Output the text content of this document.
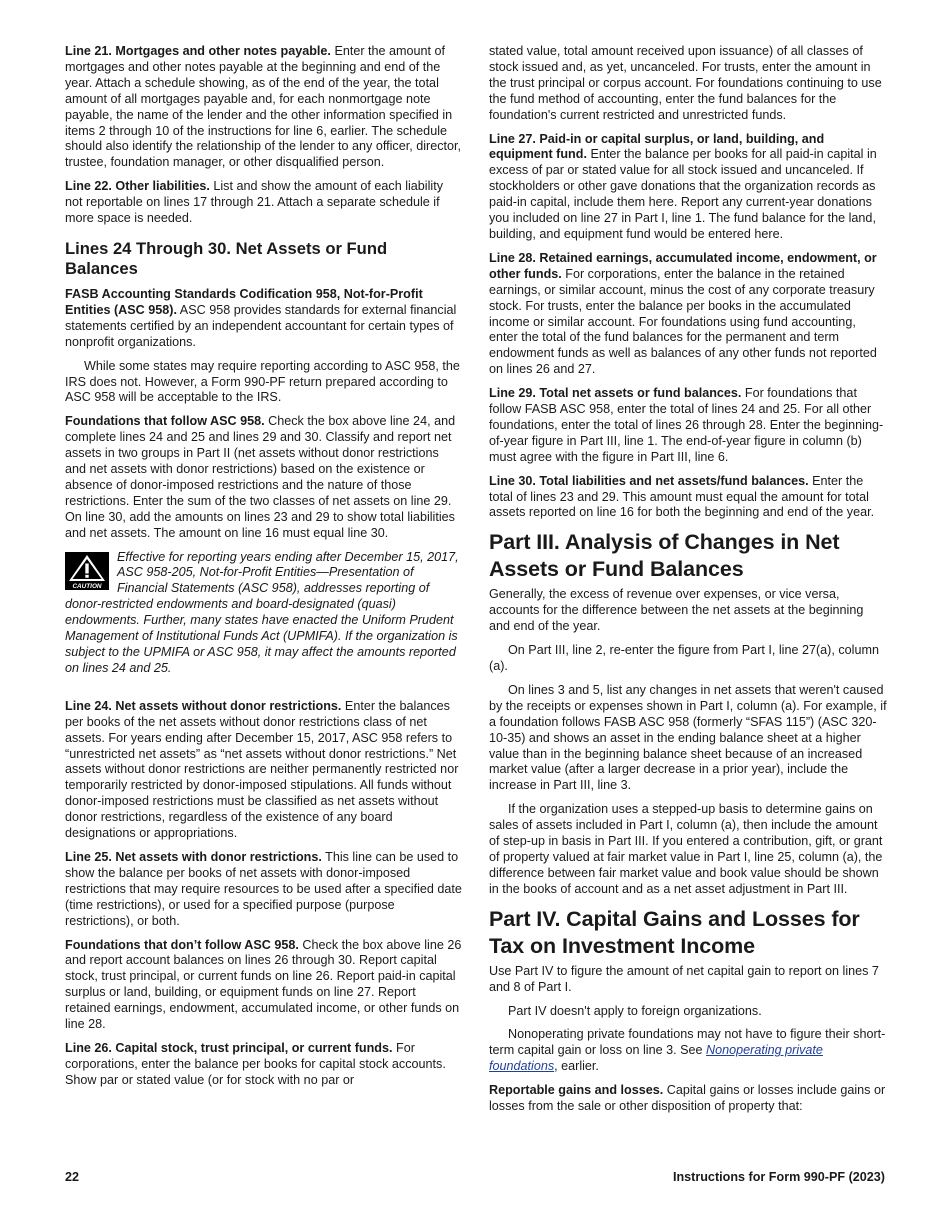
Line 21. Mortgages and other notes payable. Enter the amount of mortgages and other notes payable at the beginning and end of the year. Attach a schedule showing, as of the end of the year, the total amount of all mortgages payable and, for each nonmortgage note payable, the name of the lender and the other information specified in items 2 through 10 of the instructions for line 6, earlier. The schedule should also identify the relationship of the lender to any officer, director, trustee, foundation manager, or other disqualified person.

Line 22. Other liabilities. List and show the amount of each liability not reportable on lines 17 through 21. Attach a separate schedule if more space is needed.

Lines 24 Through 30. Net Assets or Fund Balances

FASB Accounting Standards Codification 958, Not-for-Profit Entities (ASC 958). ASC 958 provides standards for external financial statements certified by an independent accountant for certain types of nonprofit organizations.

While some states may require reporting according to ASC 958, the IRS does not. However, a Form 990-PF return prepared according to ASC 958 will be acceptable to the IRS.

Foundations that follow ASC 958. Check the box above line 24, and complete lines 24 and 25 and lines 29 and 30. Classify and report net assets in two groups in Part II (net assets without donor restrictions and net assets with donor restrictions) based on the existence or absence of donor-imposed restrictions and the nature of those restrictions. Enter the sum of the two classes of net assets on line 29. On line 30, add the amounts on lines 23 and 29 to show total liabilities and net assets. The amount on line 16 must equal line 30.

CAUTION
Effective for reporting years ending after December 15, 2017, ASC 958-205, Not-for-Profit Entities—Presentation of Financial Statements (ASC 958), addresses reporting of donor-restricted endowments and board-designated (quasi) endowments. Further, many states have enacted the Uniform Prudent Management of Institutional Funds Act (UPMIFA). If the organization is subject to the UPMIFA or ASC 958, it may affect the amounts reported on lines 24 and 25.

Line 24. Net assets without donor restrictions. Enter the balances per books of the net assets without donor restrictions class of net assets. For years ending after December 15, 2017, ASC 958 refers to “unrestricted net assets” as “net assets without donor restrictions.” Net assets without donor restrictions are neither permanently restricted nor temporarily restricted by donor-imposed stipulations. All funds without donor-imposed restrictions must be classified as net assets without donor restrictions, regardless of the existence of any board designations or appropriations.

Line 25. Net assets with donor restrictions. This line can be used to show the balance per books of net assets with donor-imposed restrictions that may require resources to be used after a specified date (time restrictions), or used for a specified purpose (purpose restrictions), or both.

Foundations that don’t follow ASC 958. Check the box above line 26 and report account balances on lines 26 through 30. Report capital stock, trust principal, or current funds on line 26. Report paid-in capital surplus or land, building, or equipment funds on line 27. Report retained earnings, endowment, accumulated income, or other funds on line 28.

Line 26. Capital stock, trust principal, or current funds. For corporations, enter the balance per books for capital stock accounts. Show par or stated value (or for stock with no par or

stated value, total amount received upon issuance) of all classes of stock issued and, as yet, uncanceled. For trusts, enter the amount in the trust principal or corpus account. For foundations continuing to use the fund method of accounting, enter the fund balances for the foundation's current restricted and unrestricted funds.

Line 27. Paid-in or capital surplus, or land, building, and equipment fund. Enter the balance per books for all paid-in capital in excess of par or stated value for all stock issued and uncanceled. If stockholders or other gave donations that the organization records as paid-in capital, include them here. Report any current-year donations you included on line 27 in Part I, line 1. The fund balance for the land, building, and equipment fund would be entered here.

Line 28. Retained earnings, accumulated income, endowment, or other funds. For corporations, enter the balance in the retained earnings, or similar account, minus the cost of any corporate treasury stock. For trusts, enter the balance per books in the accumulated income or similar account. For foundations using fund accounting, enter the total of the fund balances for the permanent and term endowment funds as well as balances of any other funds not reported on lines 26 and 27.

Line 29. Total net assets or fund balances. For foundations that follow FASB ASC 958, enter the total of lines 24 and 25. For all other foundations, enter the total of lines 26 through 28. Enter the beginning-of-year figure in Part III, line 1. The end-of-year figure in column (b) must agree with the figure in Part III, line 6.

Line 30. Total liabilities and net assets/fund balances. Enter the total of lines 23 and 29. This amount must equal the amount for total assets reported on line 16 for both the beginning and end of the year.

Part III. Analysis of Changes in Net Assets or Fund Balances

Generally, the excess of revenue over expenses, or vice versa, accounts for the difference between the net assets at the beginning and end of the year.

On Part III, line 2, re-enter the figure from Part I, line 27(a), column (a).

On lines 3 and 5, list any changes in net assets that weren't caused by the receipts or expenses shown in Part I, column (a). For example, if a foundation follows FASB ASC 958 (formerly “SFAS 115”) (ASC 320-10-35) and shows an asset in the ending balance sheet at a higher value than in the beginning balance sheet because of an increased market value (after a larger decrease in a prior year), include the increase in Part III, line 3.

If the organization uses a stepped-up basis to determine gains on sales of assets included in Part I, column (a), then include the amount of step-up in basis in Part III. If you entered a contribution, gift, or grant of property valued at fair market value in Part I, line 25, column (a), the difference between fair market value and book value should be shown in the books of account and as a net asset adjustment in Part III.

Part IV. Capital Gains and Losses for Tax on Investment Income

Use Part IV to figure the amount of net capital gain to report on lines 7 and 8 of Part I.

Part IV doesn't apply to foreign organizations.

Nonoperating private foundations may not have to figure their short-term capital gain or loss on line 3. See Nonoperating private foundations, earlier.

Reportable gains and losses. Capital gains or losses include gains or losses from the sale or other disposition of property that:

22	Instructions for Form 990-PF (2023)
